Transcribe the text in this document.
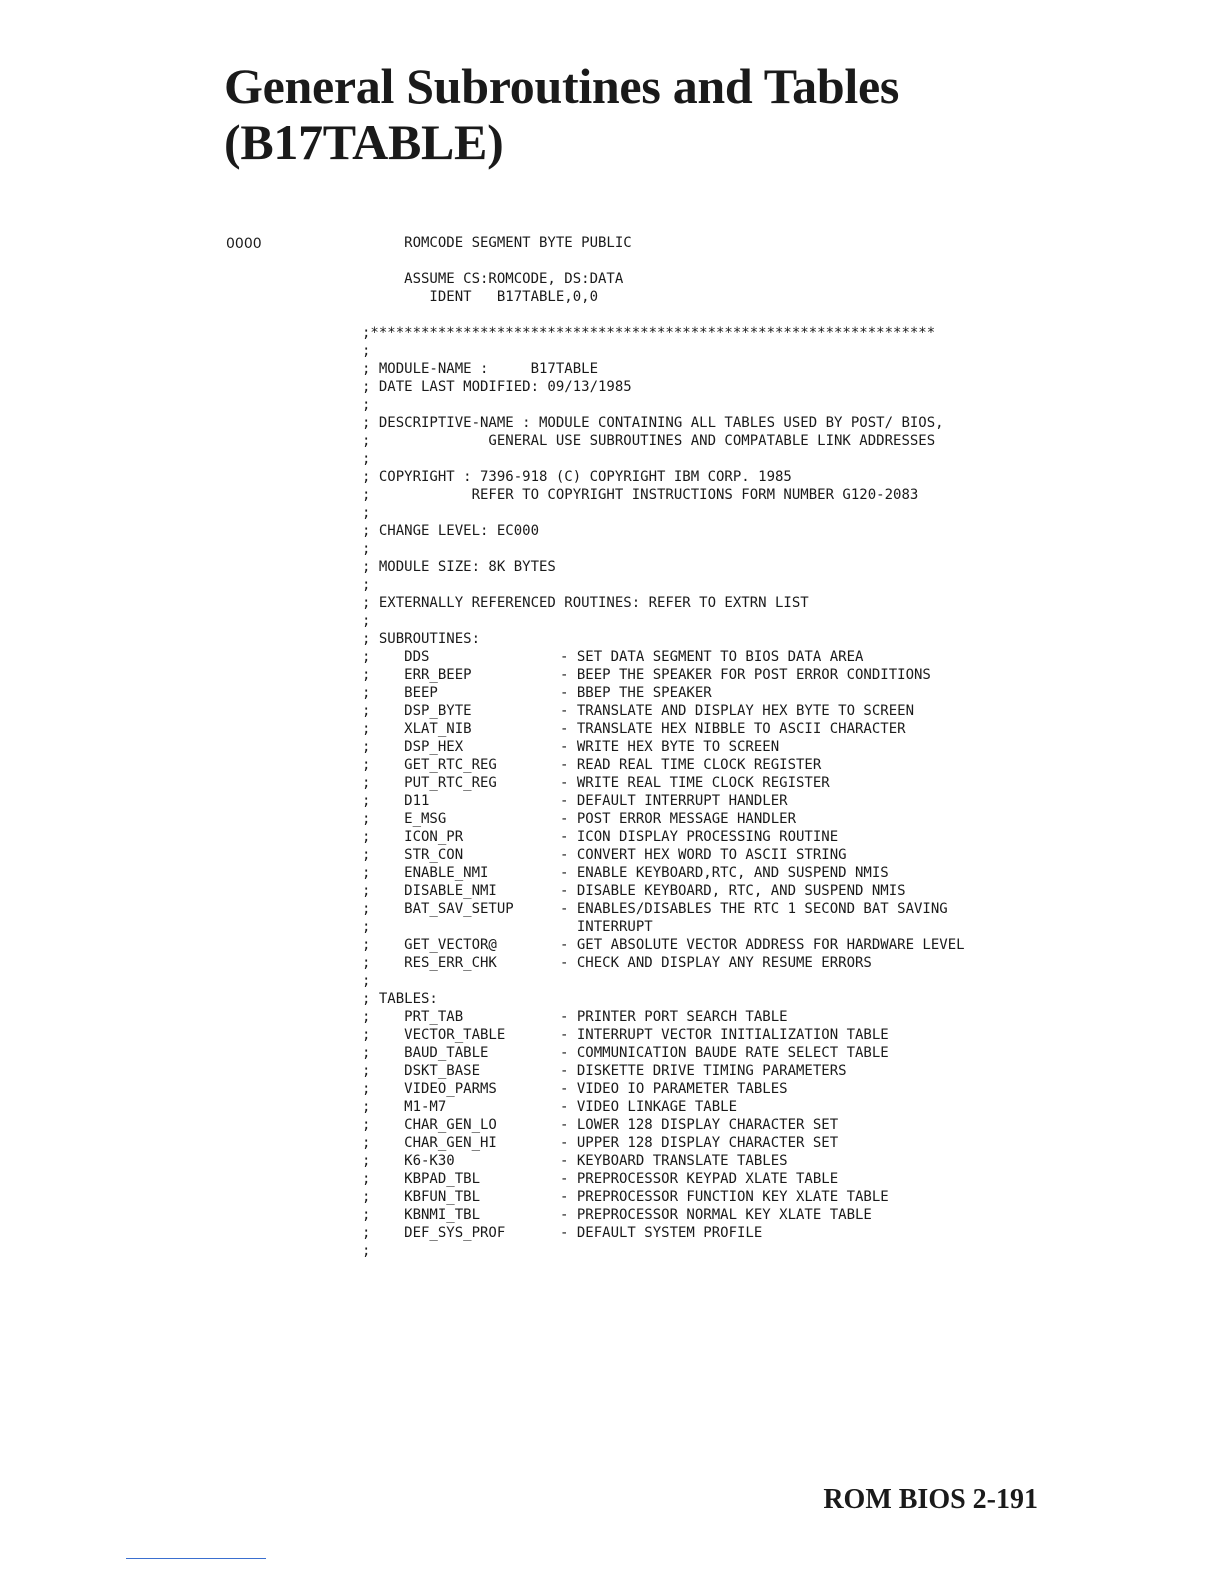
General Subroutines and Tables
(B17TABLE)
0000	ROMCODE SEGMENT BYTE PUBLIC
ASSUME CS:ROMCODE, DS:DATA
IDENT   B17TABLE,0,0
;*******************************************************************
;
; MODULE-NAME :     B17TABLE
; DATE LAST MODIFIED: 09/13/1985
;
; DESCRIPTIVE-NAME : MODULE CONTAINING ALL TABLES USED BY POST/ BIOS,
;              GENERAL USE SUBROUTINES AND COMPATABLE LINK ADDRESSES
;
; COPYRIGHT : 7396-918 (C) COPYRIGHT IBM CORP. 1985
;            REFER TO COPYRIGHT INSTRUCTIONS FORM NUMBER G120-2083
;
; CHANGE LEVEL: EC000
;
; MODULE SIZE: 8K BYTES
;
; EXTERNALLY REFERENCED ROUTINES: REFER TO EXTRN LIST
;
; SUBROUTINES:
;    DDS
;    ERR_BEEP
;    BEEP
;    DSP_BYTE
;    XLAT_NIB
;    DSP_HEX
;    GET_RTC_REG
;    PUT_RTC_REG
;    D11
;    E_MSG
;    ICON_PR
;    STR_CON
;    ENABLE_NMI
;    DISABLE_NMI
;    BAT_SAV_SETUP
;
;    GET_VECTOR@
;    RES_ERR_CHK
;
; TABLES:
;    PRT_TAB
;    VECTOR_TABLE
;    BAUD_TABLE
;    DSKT_BASE
;    VIDEO_PARMS
;    M1-M7
;    CHAR_GEN_LO
;    CHAR_GEN_HI
;    K6-K30
;    KBPAD_TBL
;    KBFUN_TBL
;    KBNMI_TBL
;    DEF_SYS_PROF
;
- SET DATA SEGMENT TO BIOS DATA AREA
- BEEP THE SPEAKER FOR POST ERROR CONDITIONS
- BBEP THE SPEAKER
- TRANSLATE AND DISPLAY HEX BYTE TO SCREEN
- TRANSLATE HEX NIBBLE TO ASCII CHARACTER
- WRITE HEX BYTE TO SCREEN
- READ REAL TIME CLOCK REGISTER
- WRITE REAL TIME CLOCK REGISTER
- DEFAULT INTERRUPT HANDLER
- POST ERROR MESSAGE HANDLER
- ICON DISPLAY PROCESSING ROUTINE
- CONVERT HEX WORD TO ASCII STRING
- ENABLE KEYBOARD,RTC, AND SUSPEND NMIS
- DISABLE KEYBOARD, RTC, AND SUSPEND NMIS
- ENABLES/DISABLES THE RTC 1 SECOND BAT SAVING
INTERRUPT
- GET ABSOLUTE VECTOR ADDRESS FOR HARDWARE LEVEL
- CHECK AND DISPLAY ANY RESUME ERRORS
- PRINTER PORT SEARCH TABLE
- INTERRUPT VECTOR INITIALIZATION TABLE
- COMMUNICATION BAUDE RATE SELECT TABLE
- DISKETTE DRIVE TIMING PARAMETERS
- VIDEO IO PARAMETER TABLES
- VIDEO LINKAGE TABLE
- LOWER 128 DISPLAY CHARACTER SET
- UPPER 128 DISPLAY CHARACTER SET
- KEYBOARD TRANSLATE TABLES
- PREPROCESSOR KEYPAD XLATE TABLE
- PREPROCESSOR FUNCTION KEY XLATE TABLE
- PREPROCESSOR NORMAL KEY XLATE TABLE
- DEFAULT SYSTEM PROFILE
ROM BIOS 2-191
